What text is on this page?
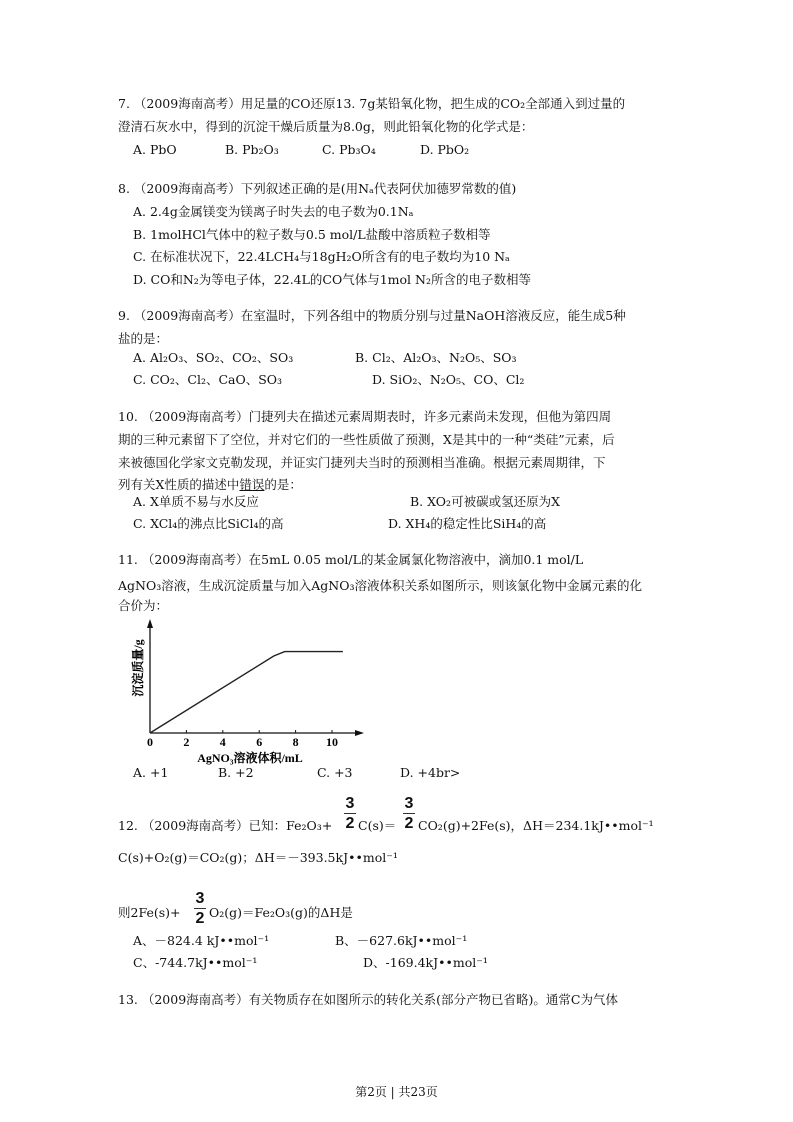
7. （2009海南高考）用足量的CO还原13. 7g某铅氧化物，把生成的CO₂全部通入到过量的
澄清石灰水中，得到的沉淀干燥后质量为8.0g，则此铅氧化物的化学式是：
A. PbO	B. Pb₂O₃	C. Pb₃O₄	D. PbO₂
8. （2009海南高考）下列叙述正确的是(用Nₐ代表阿伏加德罗常数的值)
A. 2.4g金属镁变为镁离子时失去的电子数为0.1Nₐ
B. 1molHCl气体中的粒子数与0.5 mol/L盐酸中溶质粒子数相等
C. 在标准状况下，22.4LCH₄与18gH₂O所含有的电子数均为10 Nₐ
D. CO和N₂为等电子体，22.4L的CO气体与1mol N₂所含的电子数相等
9. （2009海南高考）在室温时，下列各组中的物质分别与过量NaOH溶液反应，能生成5种
盐的是：
A. Al₂O₃、SO₂、CO₂、SO₃	B. Cl₂、Al₂O₃、N₂O₅、SO₃
C. CO₂、Cl₂、CaO、SO₃	D. SiO₂、N₂O₅、CO、Cl₂
10. （2009海南高考）门捷列夫在描述元素周期表时，许多元素尚未发现，但他为第四周
期的三种元素留下了空位，并对它们的一些性质做了预测，X是其中的一种“类硅”元素，后
来被德国化学家文克勒发现，并证实门捷列夫当时的预测相当准确。根据元素周期律，下
列有关X性质的描述中错误的是：
A. X单质不易与水反应	B. XO₂可被碳或氢还原为X
C. XCl₄的沸点比SiCl₄的高	D. XH₄的稳定性比SiH₄的高
11. （2009海南高考）在5mL 0.05 mol/L的某金属氯化物溶液中，滴加0.1 mol/L
AgNO₃溶液，生成沉淀质量与加入AgNO₃溶液体积关系如图所示，则该氯化物中金属元素的化
合价为：
0	2	4	6	8 10
AgNO₃溶液体积/mL
沉淀质量/g
A. +1	B. +2	C. +3	D. +4br>
12. （2009海南高考）已知：Fe₂O₃+
3
2 C(s)＝
3
2 CO₂(g)+2Fe(s)，ΔH＝234.1kJ••mol⁻¹
C(s)+O₂(g)＝CO₂(g)；ΔH＝－393.5kJ••mol⁻¹
3
2
则2Fe(s)+ O₂(g)＝Fe₂O₃(g)的ΔH是
A、－824.4 kJ••mol⁻¹	B、－627.6kJ••mol⁻¹
C、-744.7kJ••mol⁻¹	D、-169.4kJ••mol⁻¹
13. （2009海南高考）有关物质存在如图所示的转化关系(部分产物已省略)。通常C为气体
第2页 | 共23页
